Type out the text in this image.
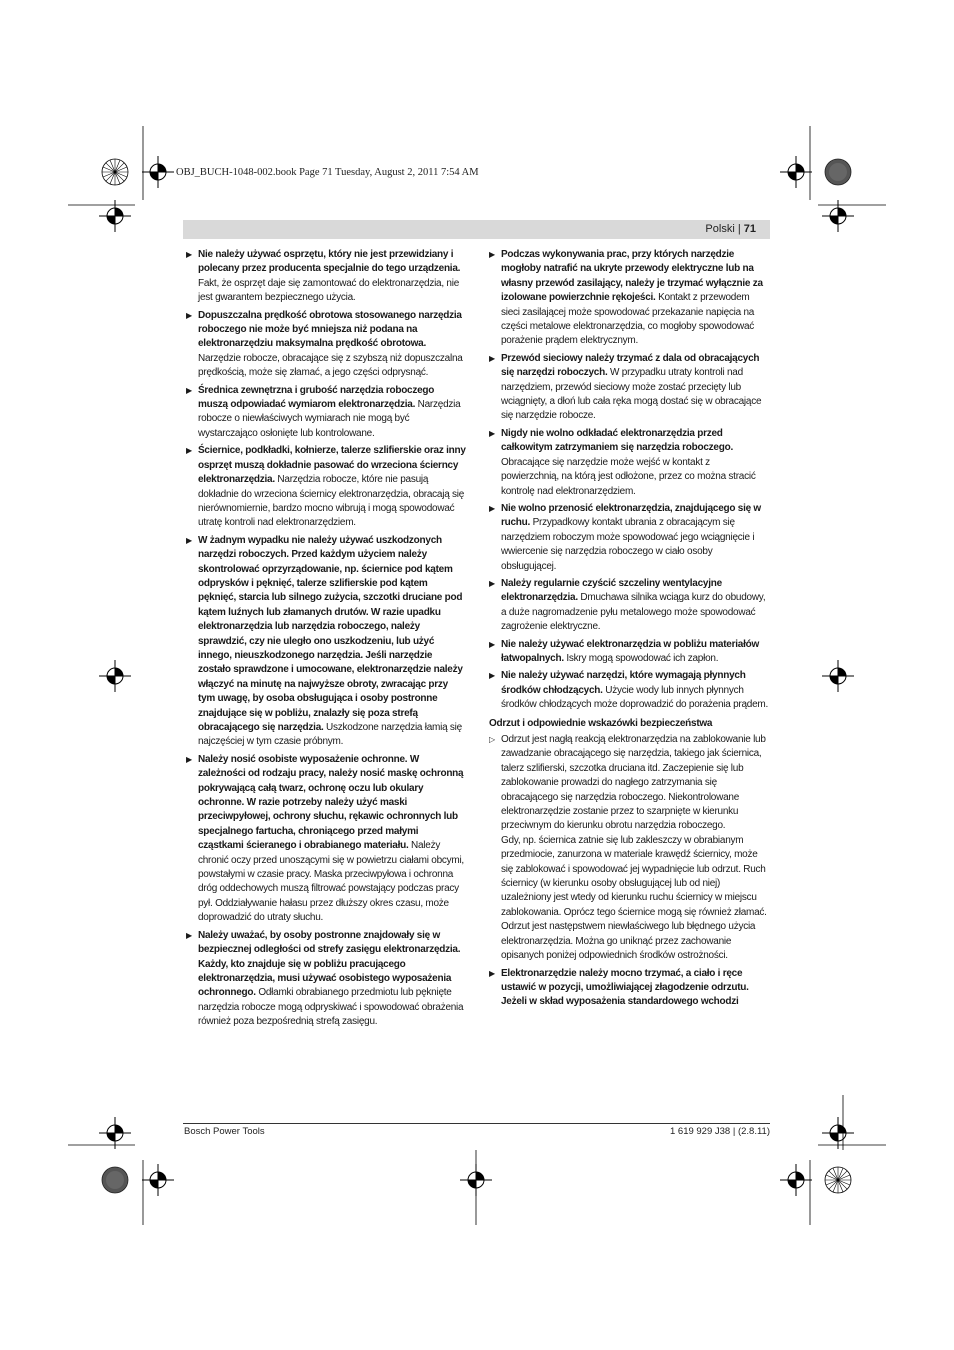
OBJ_BUCH-1048-002.book Page 71 Tuesday, August 2, 2011 7:54 AM
Polski | 71
▶ Nie należy używać osprzętu, który nie jest przewidziany i polecany przez producenta specjalnie do tego urządzenia. Fakt, że osprzęt daje się zamontować do elektronarzędzia, nie jest gwarantem bezpiecznego użycia.
▶ Dopuszczalna prędkość obrotowa stosowanego narzędzia roboczego nie może być mniejsza niż podana na elektronarzędziu maksymalna prędkość obrotowa. Narzędzie robocze, obracające się z szybszą niż dopuszczalna prędkością, może się złamać, a jego części odprysnąć.
▶ Średnica zewnętrzna i grubość narzędzia roboczego muszą odpowiadać wymiarom elektronarzędzia. Narzędzia robocze o niewłaściwych wymiarach nie mogą być wystarczająco osłonięte lub kontrolowane.
▶ Ściernice, podkładki, kołnierze, talerze szlifierskie oraz inny osprzęt muszą dokładnie pasować do wrzeciona ścierncy elektronarzędzia. Narzędzia robocze, które nie pasują dokładnie do wrzeciona ściernicy elektronarzędzia, obracają się nierównomiernie, bardzo mocno wibrują i mogą spowodować utratę kontroli nad elektronarzędziem.
▶ W żadnym wypadku nie należy używać uszkodzonych narzędzi roboczych. Przed każdym użyciem należy skontrolować oprzyrządowanie, np. ściernice pod kątem odprysków i pęknięć, talerze szlifierskie pod kątem pęknięć, starcia lub silnego zużycia, szczotki druciane pod kątem luźnych lub złamanych drutów. W razie upadku elektronarzędzia lub narzędzia roboczego, należy sprawdzić, czy nie uległo ono uszkodzeniu, lub użyć innego, nieuszkodzonego narzędzia. Jeśli narzędzie zostało sprawdzone i umocowane, elektronarzędzie należy włączyć na minutę na najwyższe obroty, zwracając przy tym uwagę, by osoba obsługująca i osoby postronne znajdujące się w pobliżu, znalazły się poza strefą obracającego się narzędzia. Uszkodzone narzędzia łamią się najczęściej w tym czasie próbnym.
▶ Należy nosić osobiste wyposażenie ochronne. W zależności od rodzaju pracy, należy nosić maskę ochronną pokrywającą całą twarz, ochronę oczu lub okulary ochronne. W razie potrzeby należy użyć maski przeciwpyłowej, ochrony słuchu, rękawic ochronnych lub specjalnego fartucha, chroniącego przed małymi cząstkami ścieranego i obrabianego materiału. Należy chronić oczy przed unoszącymi się w powietrzu ciałami obcymi, powstałymi w czasie pracy. Maska przeciwpyłowa i ochronna dróg oddechowych muszą filtrować powstający podczas pracy pył. Oddziaływanie hałasu przez dłuższy okres czasu, może doprowadzić do utraty słuchu.
▶ Należy uważać, by osoby postronne znajdowały się w bezpiecznej odległości od strefy zasięgu elektronarzędzia. Każdy, kto znajduje się w pobliżu pracującego elektronarzędzia, musi używać osobistego wyposażenia ochronnego. Odłamki obrabianego przedmiotu lub pęknięte narzędzia robocze mogą odpryskiwać i spowodować obrażenia również poza bezpośrednią strefą zasięgu.
▶ Podczas wykonywania prac, przy których narzędzie mogłoby natrafić na ukryte przewody elektryczne lub na własny przewód zasilający, należy je trzymać wyłącznie za izolowane powierzchnie rękojeści. Kontakt z przewodem sieci zasilającej może spowodować przekazanie napięcia na części metalowe elektronarzędzia, co mogłoby spowodować porażenie prądem elektrycznym.
▶ Przewód sieciowy należy trzymać z dala od obracających się narzędzi roboczych. W przypadku utraty kontroli nad narzędziem, przewód sieciowy może zostać przecięty lub wciągnięty, a dłoń lub cała ręka mogą dostać się w obracające się narzędzie robocze.
▶ Nigdy nie wolno odkładać elektronarzędzia przed całkowitym zatrzymaniem się narzędzia roboczego. Obracające się narzędzie może wejść w kontakt z powierzchnią, na którą jest odłożone, przez co można stracić kontrolę nad elektronarzędziem.
▶ Nie wolno przenosić elektronarzędzia, znajdującego się w ruchu. Przypadkowy kontakt ubrania z obracającym się narzędziem roboczym może spowodować jego wciągnięcie i wwiercenie się narzędzia roboczego w ciało osoby obsługującej.
▶ Należy regularnie czyścić szczeliny wentylacyjne elektronarzędzia. Dmuchawa silnika wciąga kurz do obudowy, a duże nagromadzenie pyłu metalowego może spowodować zagrożenie elektryczne.
▶ Nie należy używać elektronarzędzia w pobliżu materiałów łatwopalnych. Iskry mogą spowodować ich zapłon.
▶ Nie należy używać narzędzi, które wymagają płynnych środków chłodzących. Użycie wody lub innych płynnych środków chłodzących może doprowadzić do porażenia prądem.
Odrzut i odpowiednie wskazówki bezpieczeństwa
▷ Odrzut jest nagłą reakcją elektronarzędzia na zablokowanie lub zawadzanie obracającego się narzędzia, takiego jak ściernica, talerz szlifierski, szczotka druciana itd. Zaczepienie się lub zablokowanie prowadzi do nagłego zatrzymania się obracającego się narzędzia roboczego. Niekontrolowane elektronarzędzie zostanie przez to szarpnięte w kierunku przeciwnym do kierunku obrotu narzędzia roboczego.
Gdy, np. ściernica zatnie się lub zakleszczy w obrabianym przedmiocie, zanurzona w materiale krawędź ściernicy, może się zablokować i spowodować jej wypadnięcie lub odrzut. Ruch ściernicy (w kierunku osoby obsługującej lub od niej) uzależniony jest wtedy od kierunku ruchu ściernicy w miejscu zablokowania. Oprócz tego ściernice mogą się również złamać.
Odrzut jest następstwem niewłaściwego lub błędnego użycia elektronarzędzia. Można go uniknąć przez zachowanie opisanych poniżej odpowiednich środków ostrożności.
▶ Elektronarzędzie należy mocno trzymać, a ciało i ręce ustawić w pozycji, umożliwiającej złagodzenie odrzutu. Jeżeli w skład wyposażenia standardowego wchodzi
Bosch Power Tools	1 619 929 J38 | (2.8.11)
